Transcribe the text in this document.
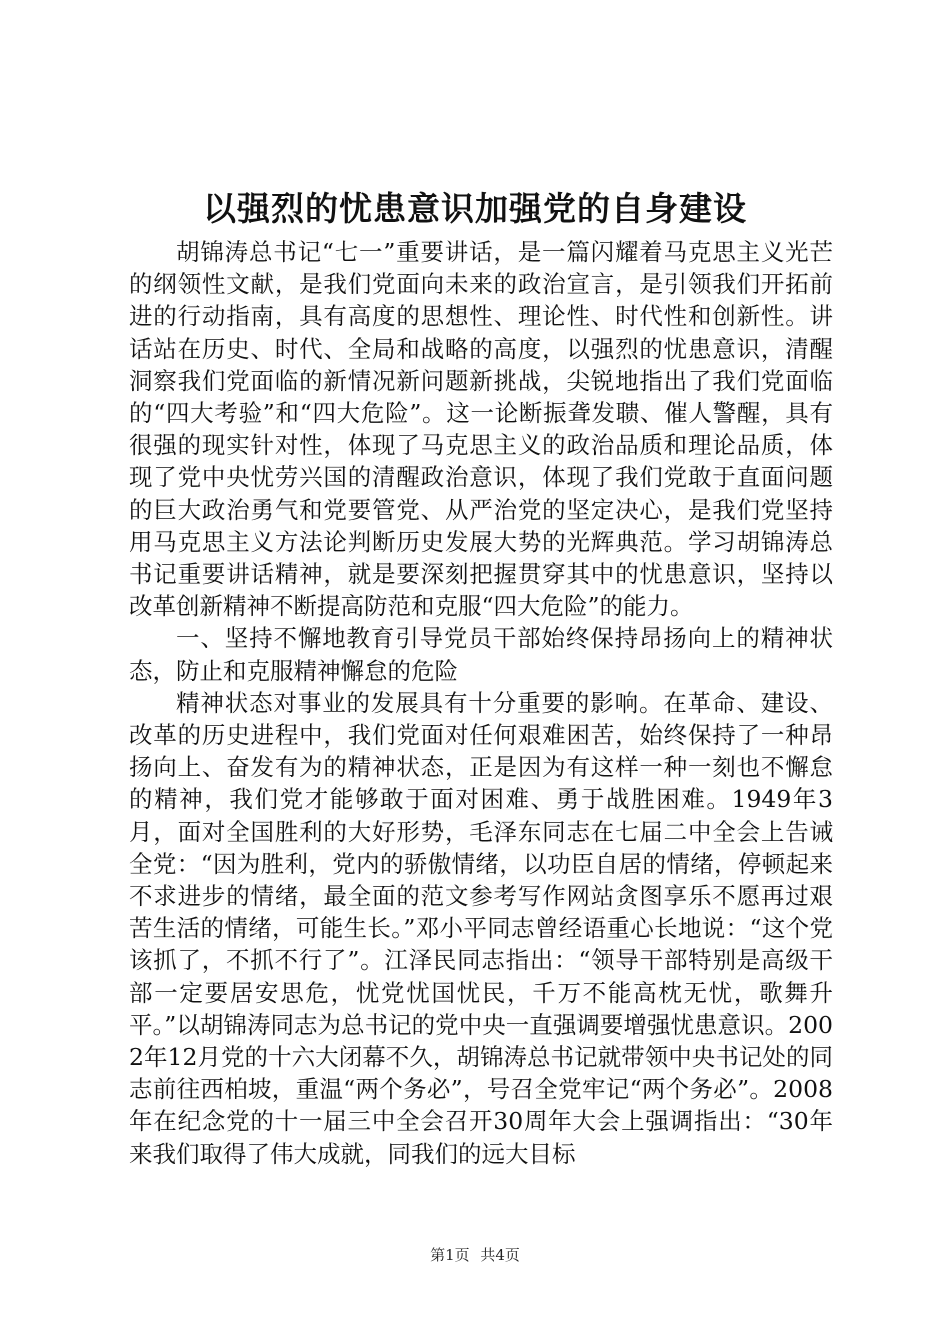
以强烈的忧患意识加强党的自身建设

胡锦涛总书记“七一”重要讲话，是一篇闪耀着马克思主义光芒的纲领性文献，是我们党面向未来的政治宣言，是引领我们开拓前进的行动指南，具有高度的思想性、理论性、时代性和创新性。讲话站在历史、时代、全局和战略的高度，以强烈的忧患意识，清醒洞察我们党面临的新情况新问题新挑战，尖锐地指出了我们党面临的“四大考验”和“四大危险”。这一论断振聋发聩、催人警醒，具有很强的现实针对性，体现了马克思主义的政治品质和理论品质，体现了党中央忧劳兴国的清醒政治意识，体现了我们党敢于直面问题的巨大政治勇气和党要管党、从严治党的坚定决心，是我们党坚持用马克思主义方法论判断历史发展大势的光辉典范。学习胡锦涛总书记重要讲话精神，就是要深刻把握贯穿其中的忧患意识，坚持以改革创新精神不断提高防范和克服“四大危险”的能力。

一、坚持不懈地教育引导党员干部始终保持昂扬向上的精神状态，防止和克服精神懈怠的危险

精神状态对事业的发展具有十分重要的影响。在革命、建设、改革的历史进程中，我们党面对任何艰难困苦，始终保持了一种昂扬向上、奋发有为的精神状态，正是因为有这样一种一刻也不懈怠的精神，我们党才能够敢于面对困难、勇于战胜困难。1949年3月，面对全国胜利的大好形势，毛泽东同志在七届二中全会上告诫全党：“因为胜利，党内的骄傲情绪，以功臣自居的情绪，停顿起来不求进步的情绪，最全面的范文参考写作网站贪图享乐不愿再过艰苦生活的情绪，可能生长。”邓小平同志曾经语重心长地说：“这个党该抓了，不抓不行了”。江泽民同志指出：“领导干部特别是高级干部一定要居安思危，忧党忧国忧民，千万不能高枕无忧，歌舞升平。”以胡锦涛同志为总书记的党中央一直强调要增强忧患意识。2002年12月党的十六大闭幕不久，胡锦涛总书记就带领中央书记处的同志前往西柏坡，重温“两个务必”，号召全党牢记“两个务必”。2008年在纪念党的十一届三中全会召开30周年大会上强调指出：“30年来我们取得了伟大成就，同我们的远大目标

第1页 共4页
